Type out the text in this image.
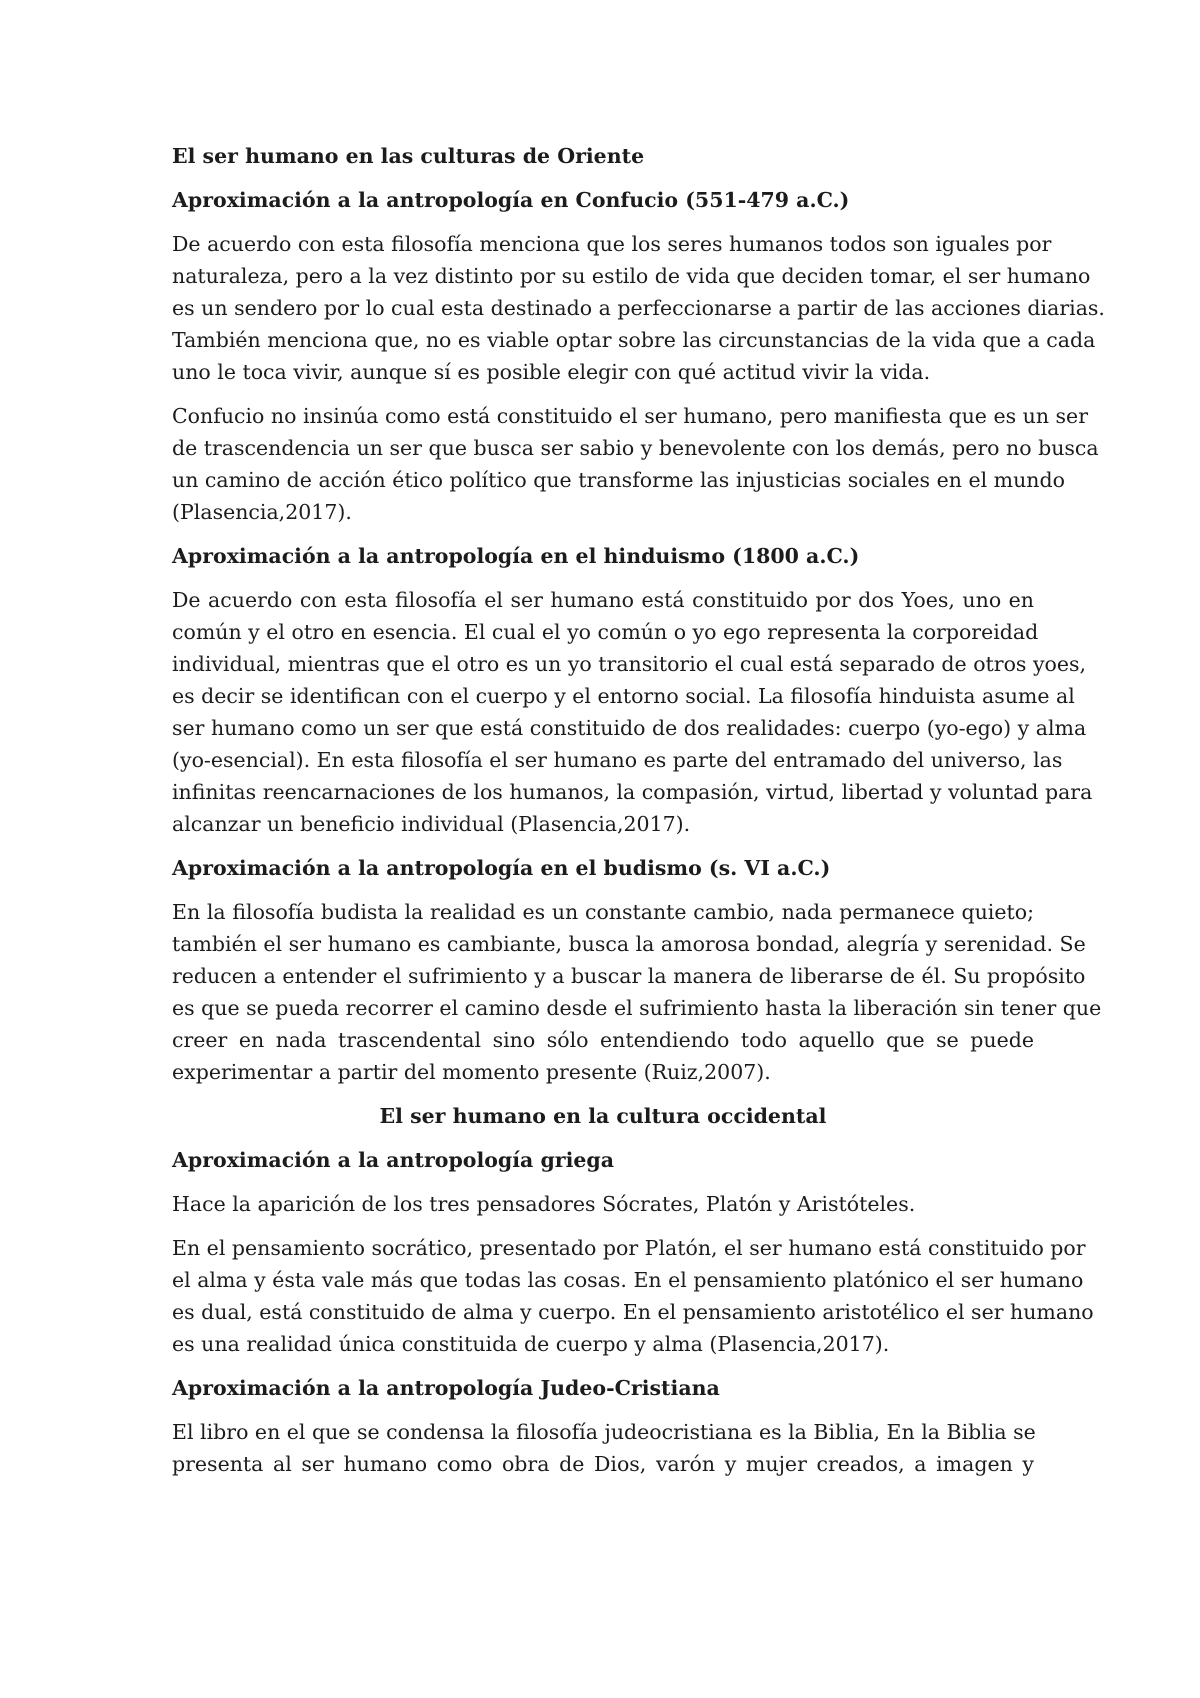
El ser humano en las culturas de Oriente
Aproximación a la antropología en Confucio (551-479 a.C.)
De acuerdo con esta filosofía menciona que los seres humanos todos son iguales por
naturaleza, pero a la vez distinto por su estilo de vida que deciden tomar, el ser humano
es un sendero por lo cual esta destinado a perfeccionarse a partir de las acciones diarias.
También menciona que, no es viable optar sobre las circunstancias de la vida que a cada
uno le toca vivir, aunque sí es posible elegir con qué actitud vivir la vida.
Confucio no insinúa como está constituido el ser humano, pero manifiesta que es un ser
de trascendencia un ser que busca ser sabio y benevolente con los demás, pero no busca
un camino de acción ético político que transforme las injusticias sociales en el mundo
(Plasencia,2017).
Aproximación a la antropología en el hinduismo (1800 a.C.)
De acuerdo con esta filosofía el ser humano está constituido por dos Yoes, uno en
común y el otro en esencia. El cual el yo común o yo ego representa la corporeidad
individual, mientras que el otro es un yo transitorio el cual está separado de otros yoes,
es decir se identifican con el cuerpo y el entorno social. La filosofía hinduista asume al
ser humano como un ser que está constituido de dos realidades: cuerpo (yo-ego) y alma
(yo-esencial). En esta filosofía el ser humano es parte del entramado del universo, las
infinitas reencarnaciones de los humanos, la compasión, virtud, libertad y voluntad para
alcanzar un beneficio individual (Plasencia,2017).
Aproximación a la antropología en el budismo (s. VI a.C.)
En la filosofía budista la realidad es un constante cambio, nada permanece quieto;
también el ser humano es cambiante, busca la amorosa bondad, alegría y serenidad. Se
reducen a entender el sufrimiento y a buscar la manera de liberarse de él. Su propósito
es que se pueda recorrer el camino desde el sufrimiento hasta la liberación sin tener que
creer en nada trascendental sino sólo entendiendo todo aquello que se puede
experimentar a partir del momento presente (Ruiz,2007).
El ser humano en la cultura occidental
Aproximación a la antropología griega
Hace la aparición de los tres pensadores Sócrates, Platón y Aristóteles.
En el pensamiento socrático, presentado por Platón, el ser humano está constituido por
el alma y ésta vale más que todas las cosas. En el pensamiento platónico el ser humano
es dual, está constituido de alma y cuerpo. En el pensamiento aristotélico el ser humano
es una realidad única constituida de cuerpo y alma (Plasencia,2017).
Aproximación a la antropología Judeo-Cristiana
El libro en el que se condensa la filosofía judeocristiana es la Biblia, En la Biblia se
presenta al ser humano como obra de Dios, varón y mujer creados, a imagen y
